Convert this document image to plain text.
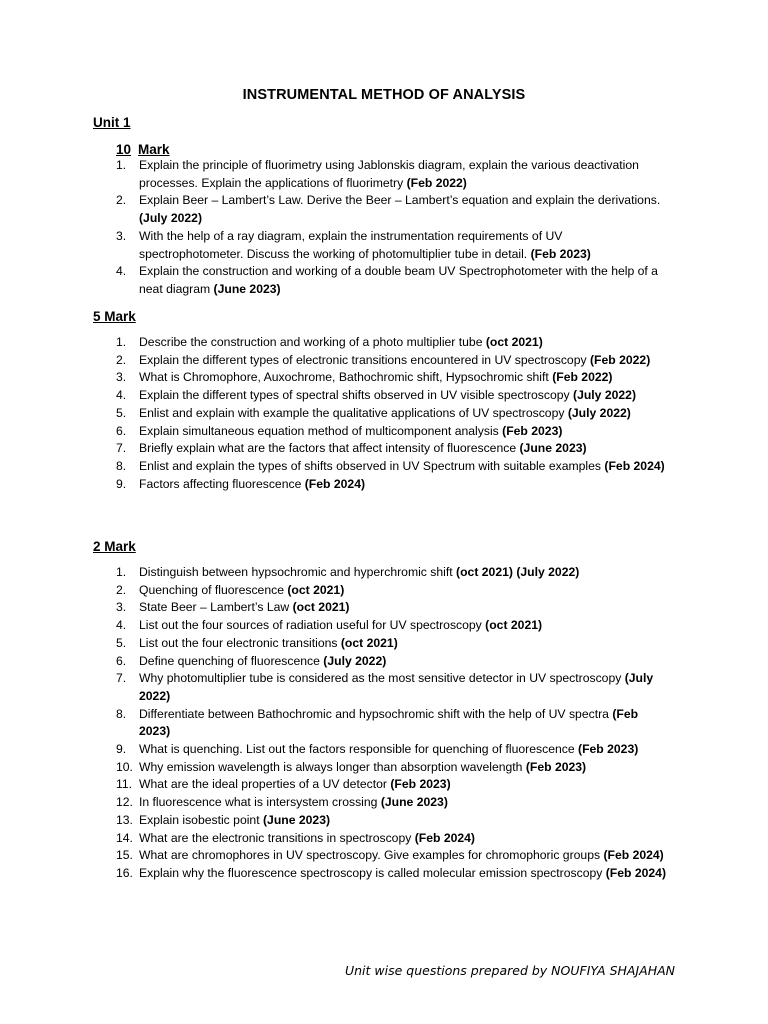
INSTRUMENTAL METHOD OF ANALYSIS
Unit 1
10 Mark
1. Explain the principle of fluorimetry using Jablonskis diagram, explain the various deactivation processes. Explain the applications of fluorimetry (Feb 2022)
2. Explain Beer – Lambert’s Law. Derive the Beer – Lambert’s equation and explain the derivations. (July 2022)
3. With the help of a ray diagram, explain the instrumentation requirements of UV spectrophotometer. Discuss the working of photomultiplier tube in detail. (Feb 2023)
4. Explain the construction and working of a double beam UV Spectrophotometer with the help of a neat diagram (June 2023)
5 Mark
1. Describe the construction and working of a photo multiplier tube (oct 2021)
2. Explain the different types of electronic transitions encountered in UV spectroscopy (Feb 2022)
3. What is Chromophore, Auxochrome, Bathochromic shift, Hypsochromic shift (Feb 2022)
4. Explain the different types of spectral shifts observed in UV visible spectroscopy (July 2022)
5. Enlist and explain with example the qualitative applications of UV spectroscopy (July 2022)
6. Explain simultaneous equation method of multicomponent analysis (Feb 2023)
7. Briefly explain what are the factors that affect intensity of fluorescence (June 2023)
8. Enlist and explain the types of shifts observed in UV Spectrum with suitable examples (Feb 2024)
9. Factors affecting fluorescence (Feb 2024)
2 Mark
1. Distinguish between hypsochromic and hyperchromic shift (oct 2021) (July 2022)
2. Quenching of fluorescence (oct 2021)
3. State Beer – Lambert’s Law (oct 2021)
4. List out the four sources of radiation useful for UV spectroscopy (oct 2021)
5. List out the four electronic transitions (oct 2021)
6. Define quenching of fluorescence (July 2022)
7. Why photomultiplier tube is considered as the most sensitive detector in UV spectroscopy (July 2022)
8. Differentiate between Bathochromic and hypsochromic shift with the help of UV spectra (Feb 2023)
9. What is quenching. List out the factors responsible for quenching of fluorescence (Feb 2023)
10. Why emission wavelength is always longer than absorption wavelength (Feb 2023)
11. What are the ideal properties of a UV detector (Feb 2023)
12. In fluorescence what is intersystem crossing (June 2023)
13. Explain isobestic point (June 2023)
14. What are the electronic transitions in spectroscopy (Feb 2024)
15. What are chromophores in UV spectroscopy. Give examples for chromophoric groups (Feb 2024)
16. Explain why the fluorescence spectroscopy is called molecular emission spectroscopy (Feb 2024)
Unit wise questions prepared by NOUFIYA SHAJAHAN
